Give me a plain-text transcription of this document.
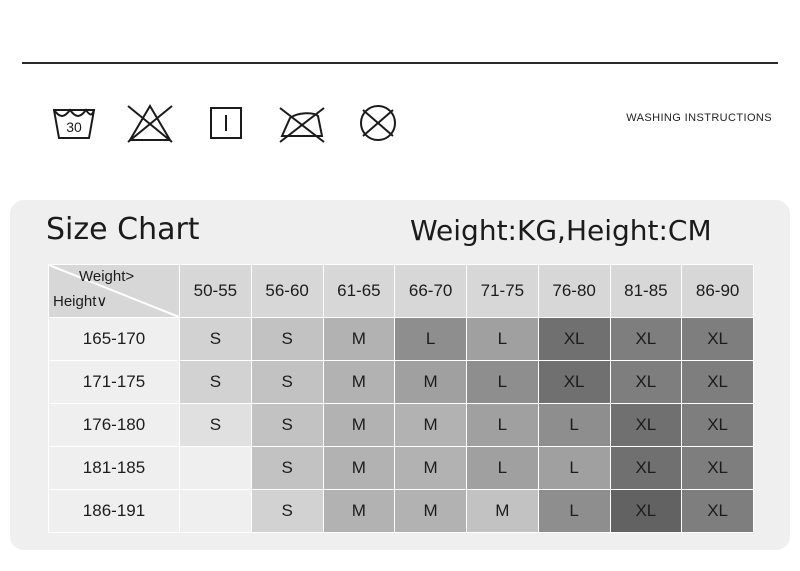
30
WASHING INSTRUCTIONS
Size Chart	Weight:KG,Height:CM
Weight>
Height∨	50-55	56-60	61-65	66-70	71-75	76-80	81-85	86-90
165-170	S	S	M	L	L	XL	XL	XL
171-175	S	S	M	M	L	XL	XL	XL
176-180	S	S	M	M	L	L	XL	XL
181-185		S	M	M	L	L	XL	XL
186-191		S	M	M	M	L	XL	XL
